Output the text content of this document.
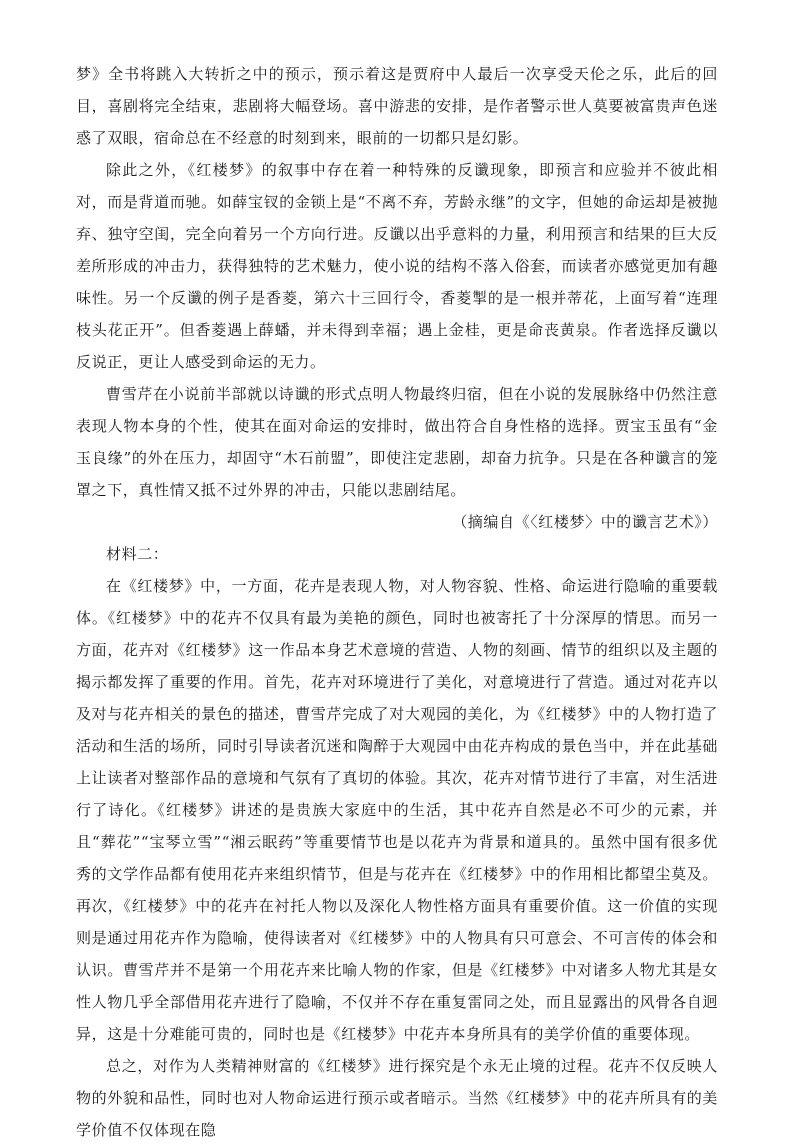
梦》全书将跳入大转折之中的预示，预示着这是贾府中人最后一次享受天伦之乐，此后的回目，喜剧将完全结束，悲剧将大幅登场。喜中游悲的安排，是作者警示世人莫要被富贵声色迷惑了双眼，宿命总在不经意的时刻到来，眼前的一切都只是幻影。

除此之外，《红楼梦》的叙事中存在着一种特殊的反谶现象，即预言和应验并不彼此相对，而是背道而驰。如薛宝钗的金锁上是“不离不弃，芳龄永继”的文字，但她的命运却是被抛弃、独守空闺，完全向着另一个方向行进。反谶以出乎意料的力量，利用预言和结果的巨大反差所形成的冲击力，获得独特的艺术魅力，使小说的结构不落入俗套，而读者亦感觉更加有趣味性。另一个反谶的例子是香菱，第六十三回行令，香菱掣的是一根并蒂花，上面写着“连理枝头花正开”。但香菱遇上薛蟠，并未得到幸福；遇上金桂，更是命丧黄泉。作者选择反谶以反说正，更让人感受到命运的无力。

曹雪芹在小说前半部就以诗谶的形式点明人物最终归宿，但在小说的发展脉络中仍然注意表现人物本身的个性，使其在面对命运的安排时，做出符合自身性格的选择。贾宝玉虽有“金玉良缘”的外在压力，却固守“木石前盟”，即使注定悲剧，却奋力抗争。只是在各种谶言的笼罩之下，真性情又抵不过外界的冲击，只能以悲剧结尾。

（摘编自《〈红楼梦〉中的谶言艺术》）

材料二：

在《红楼梦》中，一方面，花卉是表现人物，对人物容貌、性格、命运进行隐喻的重要载体。《红楼梦》中的花卉不仅具有最为美艳的颜色，同时也被寄托了十分深厚的情思。而另一方面，花卉对《红楼梦》这一作品本身艺术意境的营造、人物的刻画、情节的组织以及主题的揭示都发挥了重要的作用。首先，花卉对环境进行了美化，对意境进行了营造。通过对花卉以及对与花卉相关的景色的描述，曹雪芹完成了对大观园的美化，为《红楼梦》中的人物打造了活动和生活的场所，同时引导读者沉迷和陶醉于大观园中由花卉构成的景色当中，并在此基础上让读者对整部作品的意境和气氛有了真切的体验。其次，花卉对情节进行了丰富，对生活进行了诗化。《红楼梦》讲述的是贵族大家庭中的生活，其中花卉自然是必不可少的元素，并且“葬花”“宝琴立雪”“湘云眠药”等重要情节也是以花卉为背景和道具的。虽然中国有很多优秀的文学作品都有使用花卉来组织情节，但是与花卉在《红楼梦》中的作用相比都望尘莫及。再次，《红楼梦》中的花卉在衬托人物以及深化人物性格方面具有重要价值。这一价值的实现则是通过用花卉作为隐喻，使得读者对《红楼梦》中的人物具有只可意会、不可言传的体会和认识。曹雪芹并不是第一个用花卉来比喻人物的作家，但是《红楼梦》中对诸多人物尤其是女性人物几乎全部借用花卉进行了隐喻，不仅并不存在重复雷同之处，而且显露出的风骨各自迥异，这是十分难能可贵的，同时也是《红楼梦》中花卉本身所具有的美学价值的重要体现。

总之，对作为人类精神财富的《红楼梦》进行探究是个永无止境的过程。花卉不仅反映人物的外貌和品性，同时也对人物命运进行预示或者暗示。当然《红楼梦》中的花卉所具有的美学价值不仅体现在隐
